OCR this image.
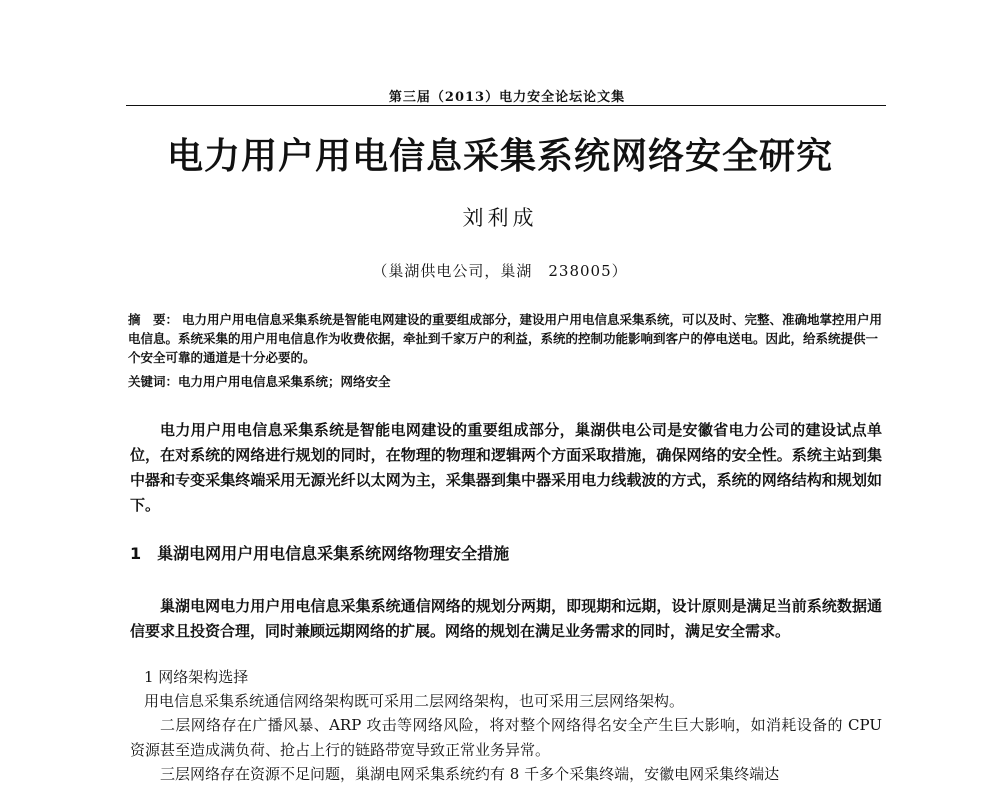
第三届（2013）电力安全论坛论文集
电力用户用电信息采集系统网络安全研究
刘利成
（巢湖供电公司，巢湖　238005）
摘　要： 电力用户用电信息采集系统是智能电网建设的重要组成部分，建设用户用电信息采集系统，可以及时、完整、准确地掌控用户用电信息。系统采集的用户用电信息作为收费依据，牵扯到千家万户的利益，系统的控制功能影响到客户的停电送电。因此，给系统提供一个安全可靠的通道是十分必要的。
关键词：电力用户用电信息采集系统；网络安全
电力用户用电信息采集系统是智能电网建设的重要组成部分，巢湖供电公司是安徽省电力公司的建设试点单位，在对系统的网络进行规划的同时，在物理的物理和逻辑两个方面采取措施，确保网络的安全性。系统主站到集中器和专变采集终端采用无源光纤以太网为主，采集器到集中器采用电力线载波的方式，系统的网络结构和规划如下。
1 巢湖电网用户用电信息采集系统网络物理安全措施
巢湖电网电力用户用电信息采集系统通信网络的规划分两期，即现期和远期，设计原则是满足当前系统数据通信要求且投资合理，同时兼顾远期网络的扩展。网络的规划在满足业务需求的同时，满足安全需求。
1 网络架构选择
用电信息采集系统通信网络架构既可采用二层网络架构，也可采用三层网络架构。
二层网络存在广播风暴、ARP 攻击等网络风险，将对整个网络得名安全产生巨大影响，如消耗设备的 CPU 资源甚至造成满负荷、抢占上行的链路带宽导致正常业务异常。
三层网络存在资源不足问题，巢湖电网采集系统约有 8 千多个采集终端，安徽电网采集终端达
